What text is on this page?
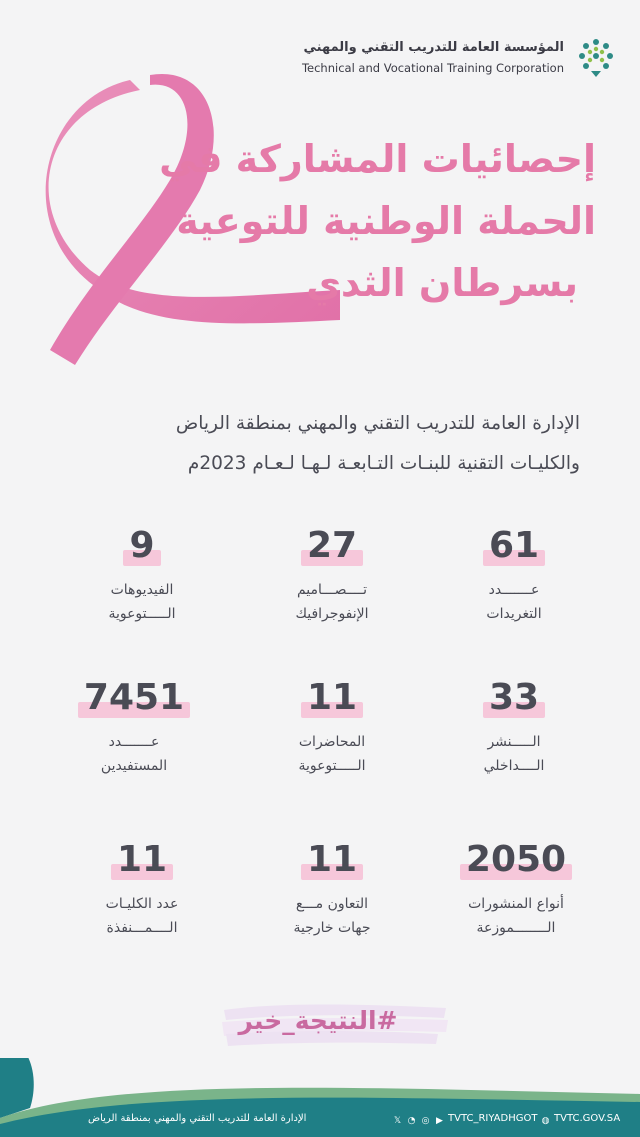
المؤسسة العامة للتدريب التقني والمهني
Technical and Vocational Training Corporation
إحصائيات المشاركة في
الحملة الوطنية للتوعية
بسرطان الثدي
الإدارة العامة للتدريب التقني والمهني بمنطقة الرياض
والكليـات التقنية للبنـات التـابعـة لـهـا لـعـام 2023م
61
عـــــــدد
التغريدات
27
تــــصـــاميم
الإنفوجرافيك
9
الفيديوهات
الـــــتوعوية
33
الـــــنشر
الــــداخلي
11
المحاضرات
الـــــتوعوية
7451
عـــــــدد
المستفيدين
2050
أنواع المنشورات
الــــــــموزعة
11
التعاون مـــع
جهات خارجية
11
عدد الكليـات
الــــمـــنفذة
#النتيجة_خير
الإدارة العامة للتدريب التقني والمهني بمنطقة الرياض	𝕏 ◔ ◎ ▶ TVTC_RIYADHGOT ◍ TVTC.GOV.SA
